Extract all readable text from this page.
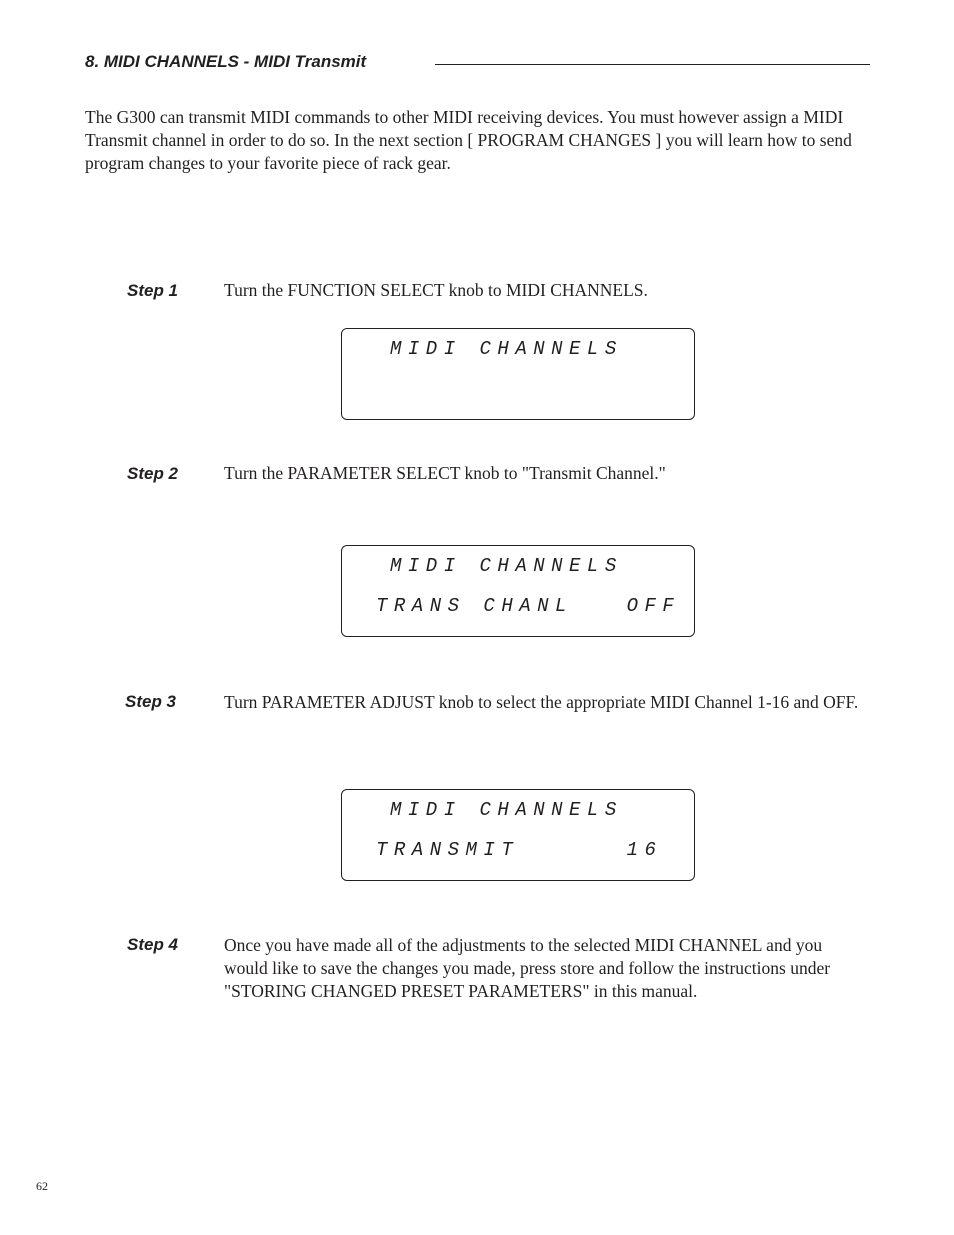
8. MIDI CHANNELS - MIDI Transmit

The G300 can transmit MIDI commands to other MIDI receiving devices. You must however assign a MIDI Transmit channel in order to do so. In the next section [ PROGRAM CHANGES ] you will learn how to send program changes to your favorite piece of rack gear.

Step 1	Turn the FUNCTION SELECT knob to MIDI CHANNELS.
MIDI CHANNELS
Step 2	Turn the PARAMETER SELECT knob to "Transmit Channel."
MIDI CHANNELS
TRANS CHANL   OFF
Step 3	Turn PARAMETER ADJUST knob to select the appropriate MIDI Channel 1-16 and OFF.
MIDI CHANNELS
TRANSMIT      16
Step 4	Once you have made all of the adjustments to the selected MIDI CHANNEL and you would like to save the changes you made, press store and follow the instructions under "STORING CHANGED PRESET PARAMETERS" in this manual.
62
